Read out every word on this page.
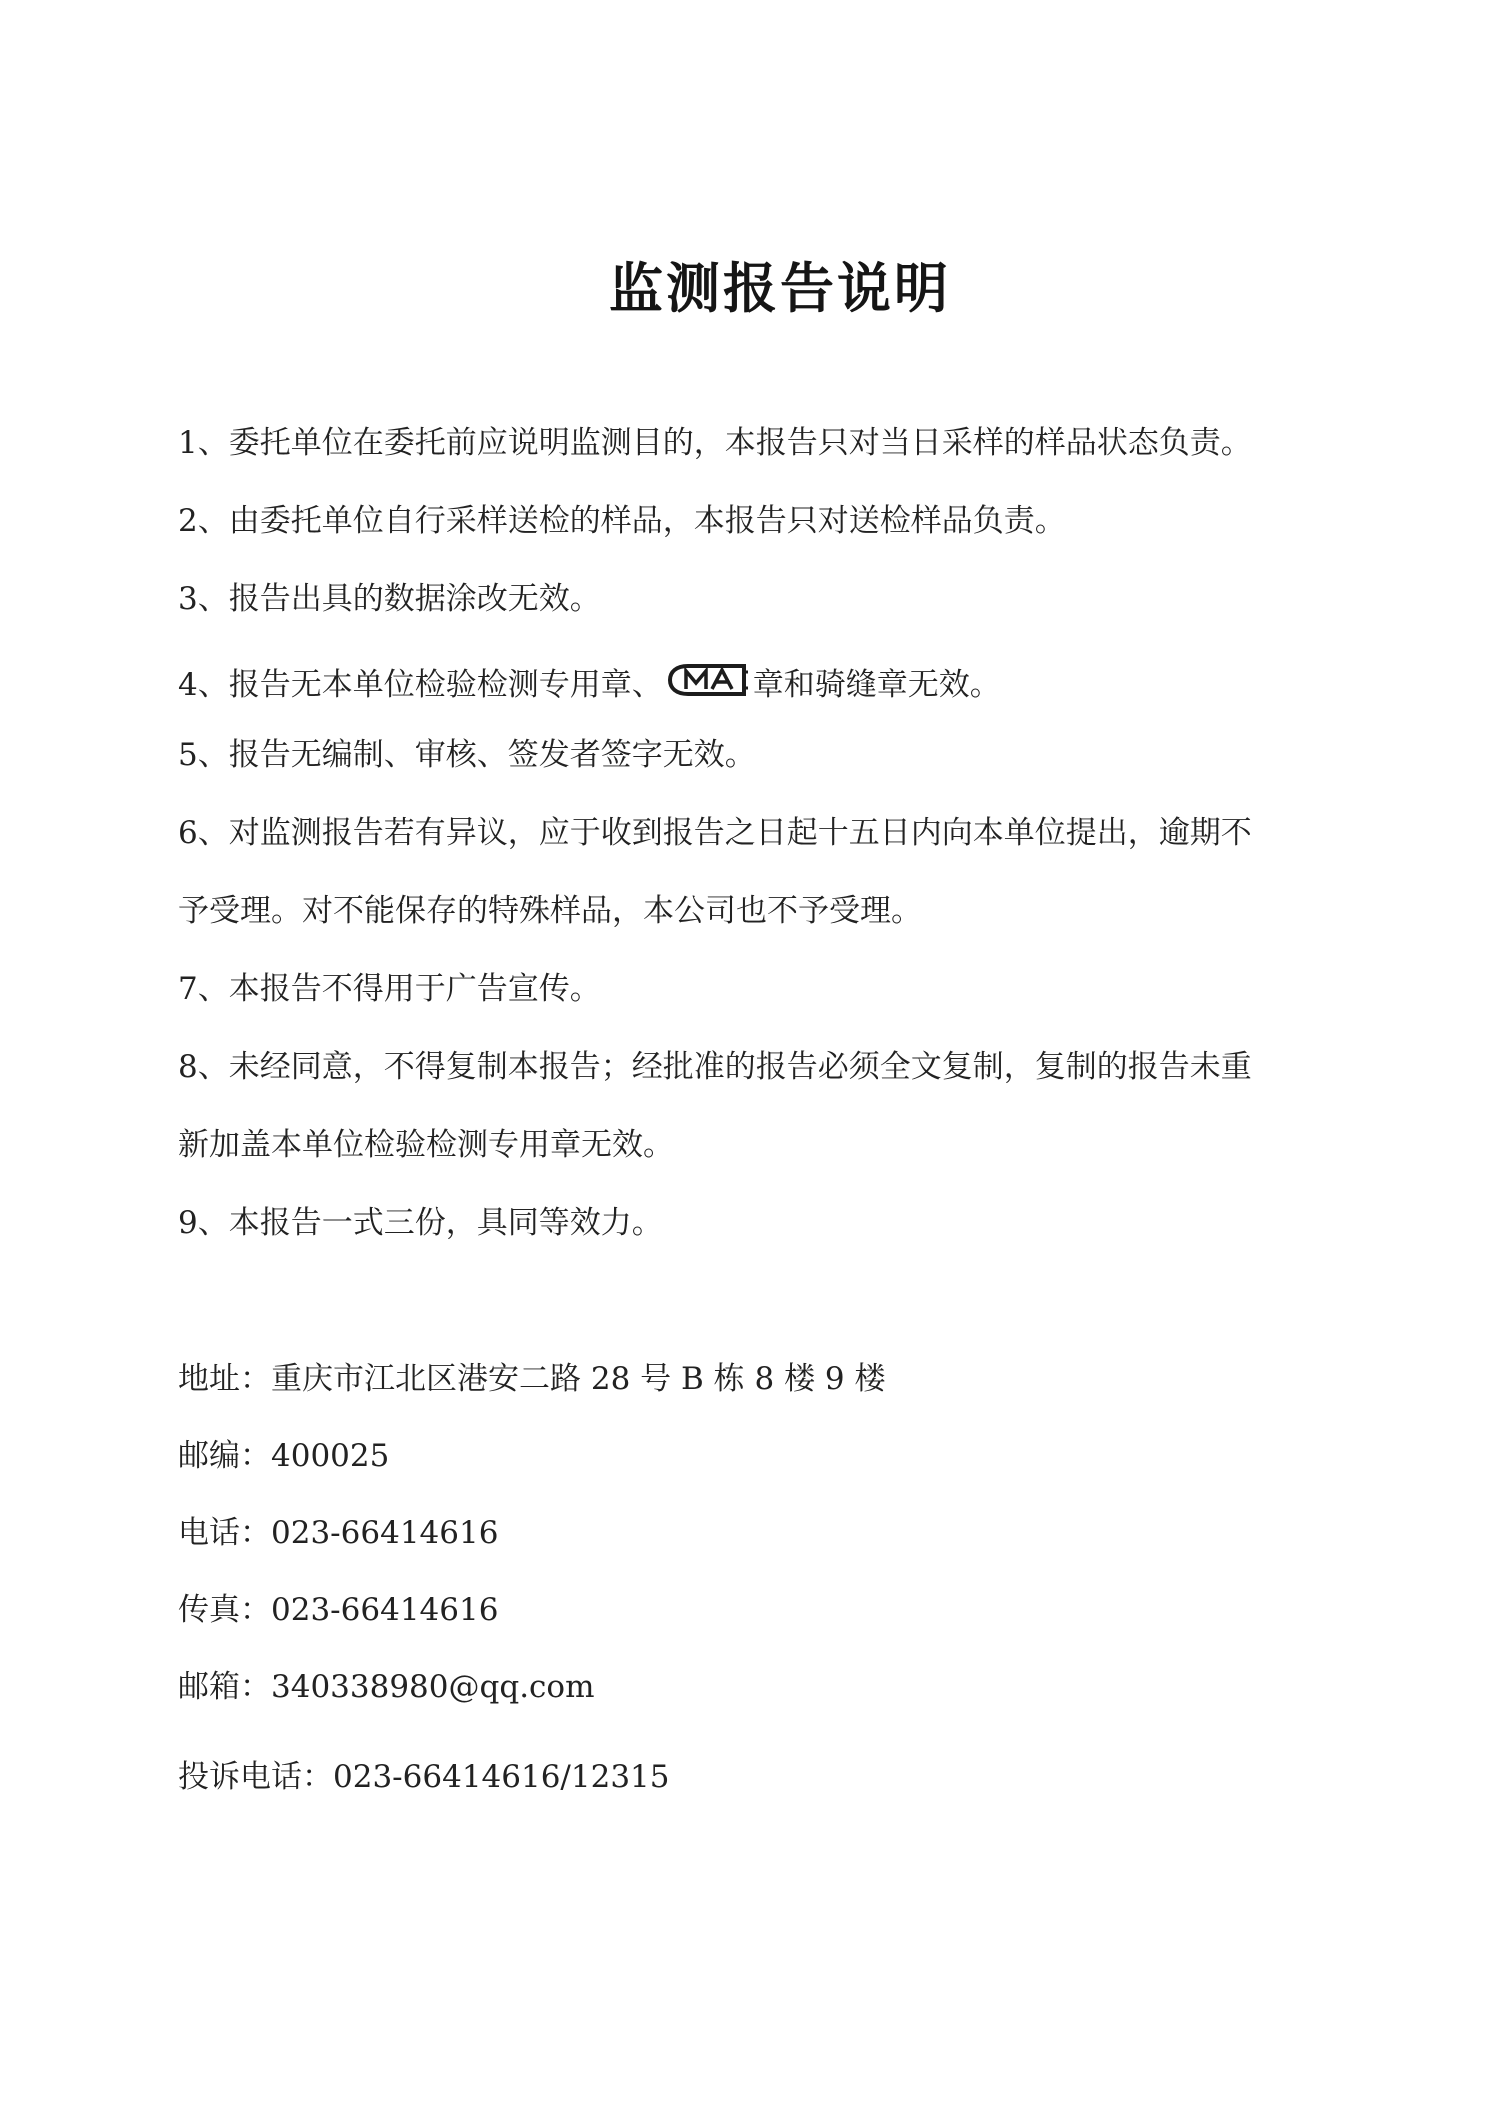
监测报告说明
1、委托单位在委托前应说明监测目的，本报告只对当日采样的样品状态负责。
2、由委托单位自行采样送检的样品，本报告只对送检样品负责。
3、报告出具的数据涂改无效。
4、报告无本单位检验检测专用章、	章和骑缝章无效。
5、报告无编制、审核、签发者签字无效。
6、对监测报告若有异议，应于收到报告之日起十五日内向本单位提出，逾期不
予受理。对不能保存的特殊样品，本公司也不予受理。
7、本报告不得用于广告宣传。
8、未经同意，不得复制本报告；经批准的报告必须全文复制，复制的报告未重
新加盖本单位检验检测专用章无效。
9、本报告一式三份，具同等效力。
地址：重庆市江北区港安二路 28 号 B 栋 8 楼 9 楼
邮编：400025
电话：023-66414616
传真：023-66414616
邮箱：340338980@qq.com
投诉电话：023-66414616/12315
